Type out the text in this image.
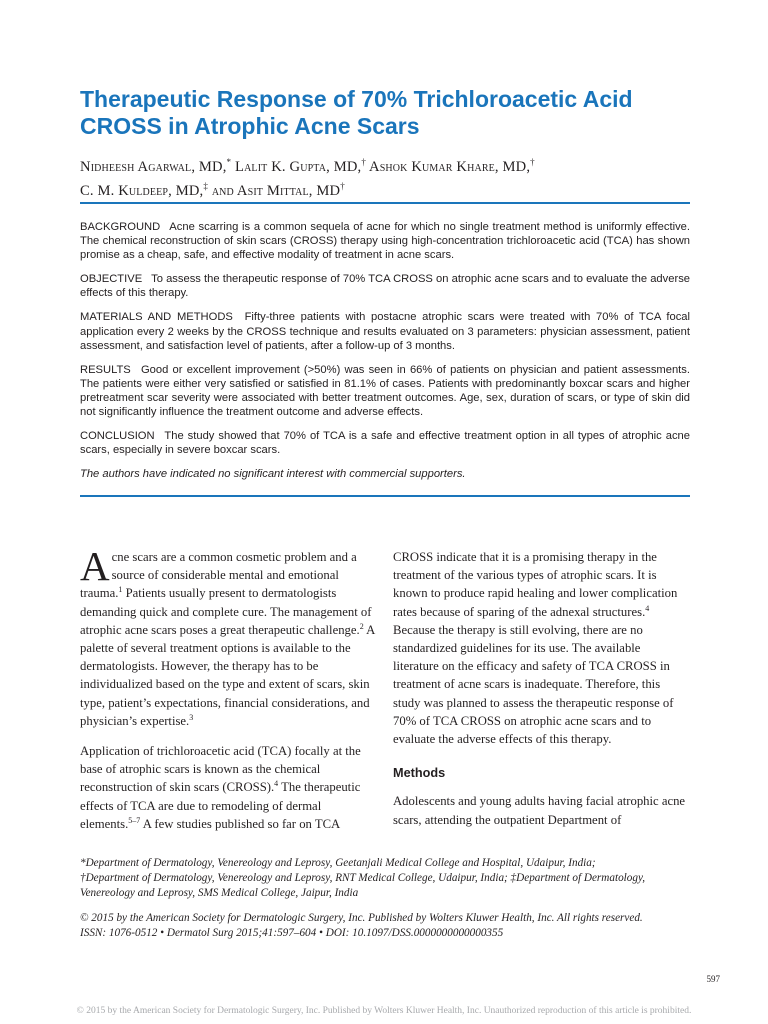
Therapeutic Response of 70% Trichloroacetic Acid CROSS in Atrophic Acne Scars
Nidheesh Agarwal, MD,* Lalit K. Gupta, MD,† Ashok Kumar Khare, MD,†
C. M. Kuldeep, MD,‡ and Asit Mittal, MD†

BACKGROUND Acne scarring is a common sequela of acne for which no single treatment method is uniformly effective. The chemical reconstruction of skin scars (CROSS) therapy using high-concentration trichloroacetic acid (TCA) has shown promise as a cheap, safe, and effective modality of treatment in acne scars.

OBJECTIVE To assess the therapeutic response of 70% TCA CROSS on atrophic acne scars and to evaluate the adverse effects of this therapy.

MATERIALS AND METHODS Fifty-three patients with postacne atrophic scars were treated with 70% of TCA focal application every 2 weeks by the CROSS technique and results evaluated on 3 parameters: physician assessment, patient assessment, and satisfaction level of patients, after a follow-up of 3 months.

RESULTS Good or excellent improvement (>50%) was seen in 66% of patients on physician and patient assessments. The patients were either very satisfied or satisfied in 81.1% of cases. Patients with predominantly boxcar scars and higher pretreatment scar severity were associated with better treatment outcomes. Age, sex, duration of scars, or type of skin did not significantly influence the treatment outcome and adverse effects.

CONCLUSION The study showed that 70% of TCA is a safe and effective treatment option in all types of atrophic acne scars, especially in severe boxcar scars.

The authors have indicated no significant interest with commercial supporters.

Acne scars are a common cosmetic problem and a source of considerable mental and emotional trauma.$^1$ Patients usually present to dermatologists demanding quick and complete cure. The management of atrophic acne scars poses a great therapeutic challenge.$^2$ A palette of several treatment options is available to the dermatologists. However, the therapy has to be individualized based on the type and extent of scars, skin type, patient’s expectations, financial considerations, and physician’s expertise.$^3$

Application of trichloroacetic acid (TCA) focally at the base of atrophic scars is known as the chemical reconstruction of skin scars (CROSS).$^4$ The therapeutic effects of TCA are due to remodeling of dermal elements.$^{5-7}$ A few studies published so far on TCA

CROSS indicate that it is a promising therapy in the treatment of the various types of atrophic scars. It is known to produce rapid healing and lower complication rates because of sparing of the adnexal structures.$^4$ Because the therapy is still evolving, there are no standardized guidelines for its use. The available literature on the efficacy and safety of TCA CROSS in treatment of acne scars is inadequate. Therefore, this study was planned to assess the therapeutic response of 70% of TCA CROSS on atrophic acne scars and to evaluate the adverse effects of this therapy.

Methods

Adolescents and young adults having facial atrophic acne scars, attending the outpatient Department of

*Department of Dermatology, Venereology and Leprosy, Geetanjali Medical College and Hospital, Udaipur, India;

†Department of Dermatology, Venereology and Leprosy, RNT Medical College, Udaipur, India; ‡Department of Dermatology, Venereology and Leprosy, SMS Medical College, Jaipur, India

© 2015 by the American Society for Dermatologic Surgery, Inc. Published by Wolters Kluwer Health, Inc. All rights reserved.

ISSN: 1076-0512 • Dermatol Surg 2015;41:597–604 • DOI: 10.1097/DSS.0000000000000355

597
© 2015 by the American Society for Dermatologic Surgery, Inc. Published by Wolters Kluwer Health, Inc. Unauthorized reproduction of this article is prohibited.
